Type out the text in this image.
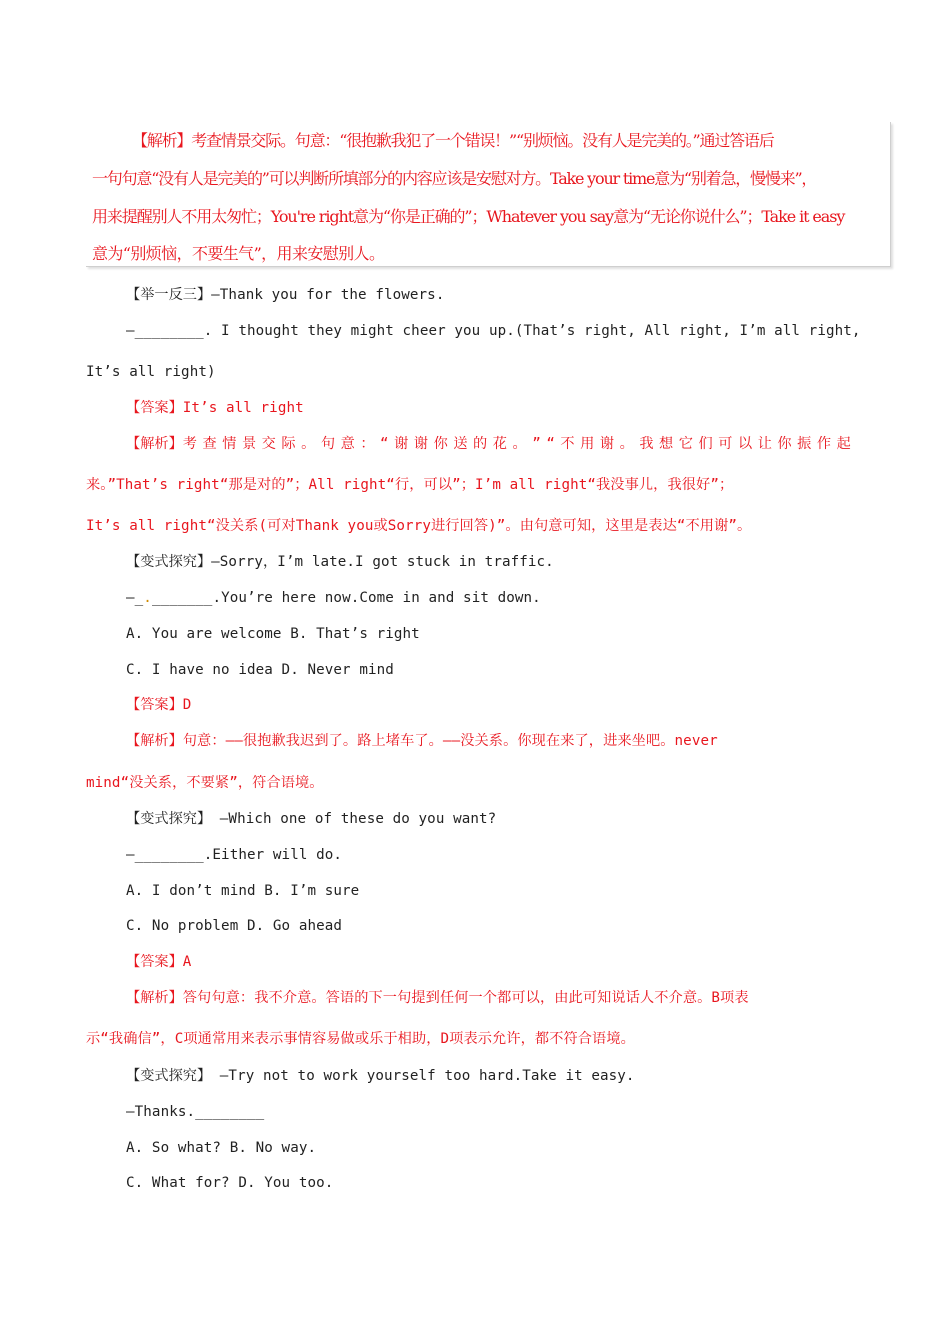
【解析】考查情景交际。句意：“很抱歉我犯了一个错误！”“别烦恼。没有人是完美的。”通过答语后

一句句意“没有人是完美的”可以判断所填部分的内容应该是安慰对方。Take your time意为“别着急，慢慢来”，

用来提醒别人不用太匆忙；You're right意为“你是正确的”；Whatever you say意为“无论你说什么”；Take it easy

意为“别烦恼，不要生气”，用来安慰别人。

【举一反三】—Thank you for the flowers.
—________. I thought they might cheer you up.(That’s right, All right, I’m all right,
It’s all right)
【答案】It’s all right
【解析】考 查 情 景 交 际 。 句 意 ： “ 谢 谢 你 送 的 花 。 ” “ 不 用 谢 。 我 想 它 们 可 以 让 你 振 作 起
来。”That’s right“那是对的”；All right“行，可以”；I’m all right“我没事儿，我很好”；
It’s all right“没关系(可对Thank you或Sorry进行回答)”。由句意可知，这里是表达“不用谢”。
【变式探究】—Sorry，I’m late.I got stuck in traffic.
—_._______.You’re here now.Come in and sit down.
A. You are welcome B. That’s right
C. I have no idea D. Never mind
【答案】D
【解析】句意：——很抱歉我迟到了。路上堵车了。——没关系。你现在来了，进来坐吧。never
mind“没关系，不要紧”，符合语境。
【变式探究】 —Which one of these do you want?
—________.Either will do.
A. I don’t mind B. I’m sure
C. No problem D. Go ahead
【答案】A
【解析】答句句意：我不介意。答语的下一句提到任何一个都可以，由此可知说话人不介意。B项表
示“我确信”，C项通常用来表示事情容易做或乐于相助，D项表示允许，都不符合语境。
【变式探究】 —Try not to work yourself too hard.Take it easy.
—Thanks.________
A. So what? B. No way.
C. What for? D. You too.
